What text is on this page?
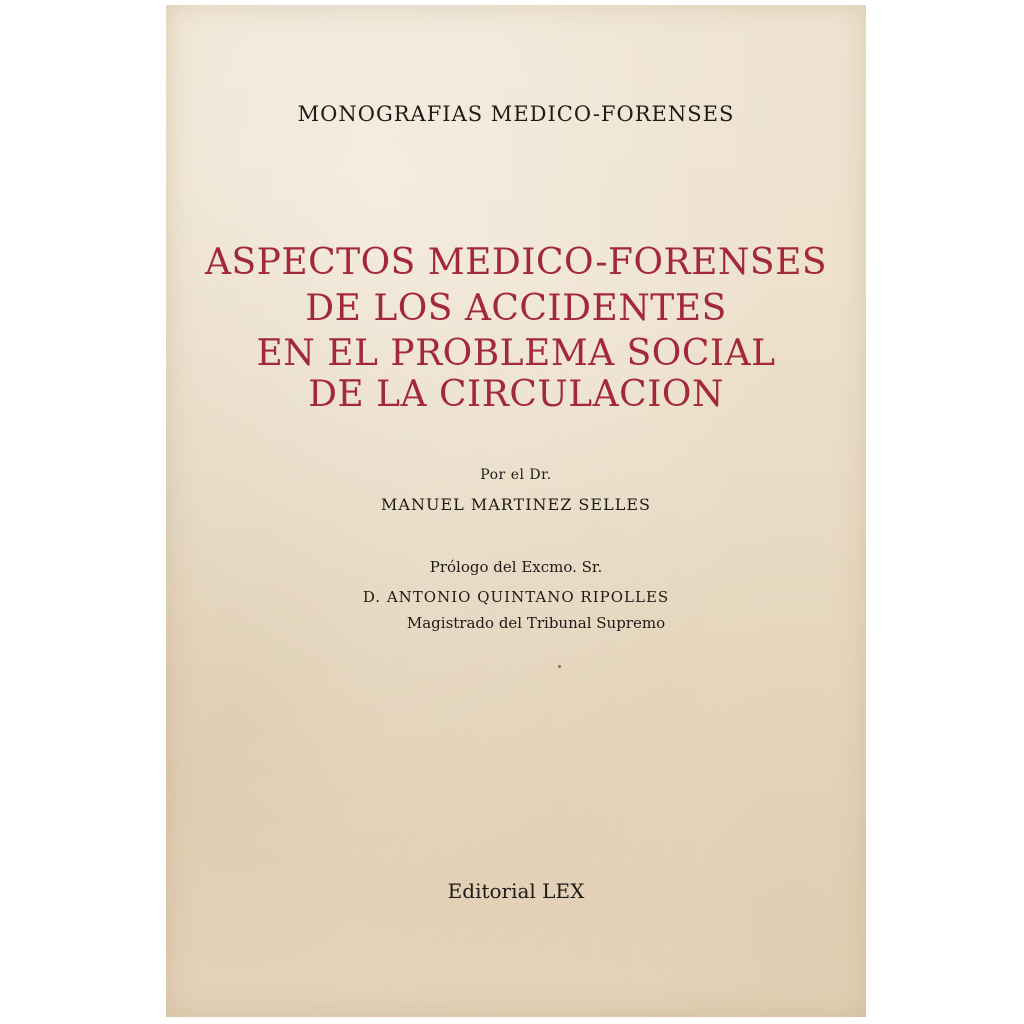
MONOGRAFIAS MEDICO-FORENSES
ASPECTOS MEDICO-FORENSES
DE LOS ACCIDENTES
EN EL PROBLEMA SOCIAL
DE LA CIRCULACION
Por el Dr.
MANUEL MARTINEZ SELLES
Prólogo del Excmo. Sr.
D. ANTONIO QUINTANO RIPOLLES
Magistrado del Tribunal Supremo
Editorial LEX
